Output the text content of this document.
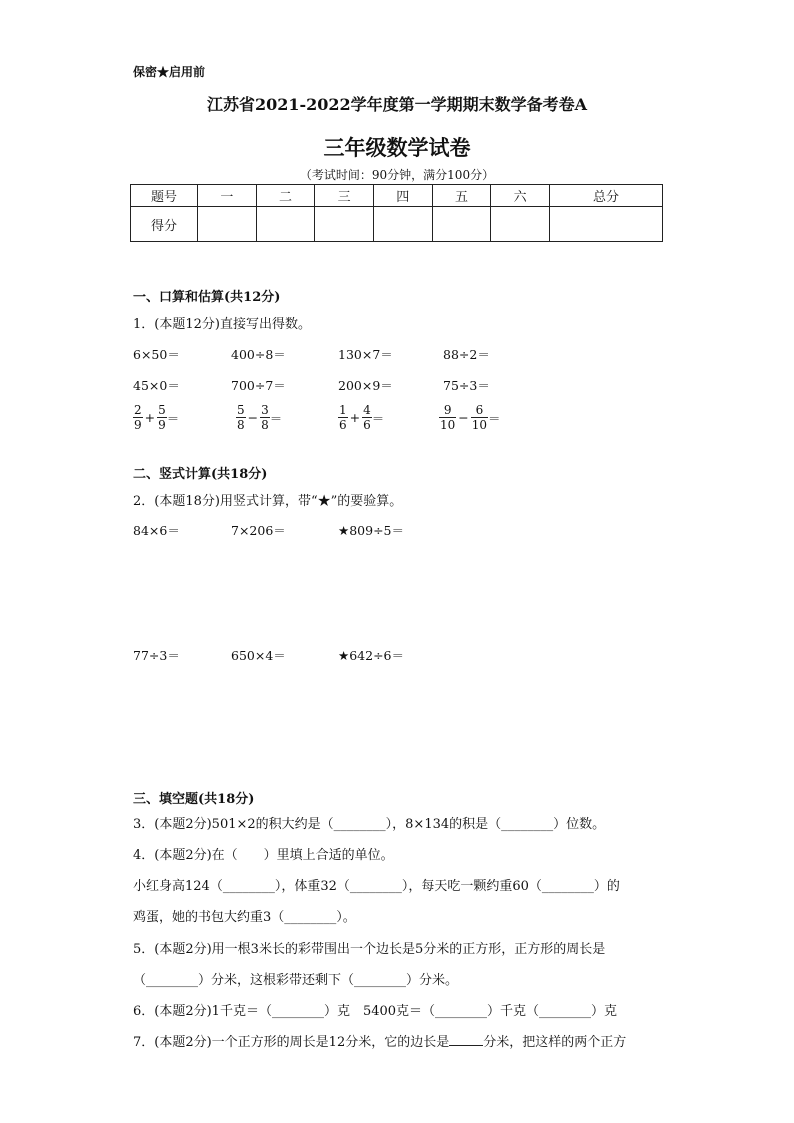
保密★启用前
江苏省2021-2022学年度第一学期期末数学备考卷A
三年级数学试卷
（考试时间：90分钟，满分100分）
题号	一	二	三	四	五	六	总分
得分							
一、口算和估算(共12分)
1．(本题12分)直接写出得数。
6×50＝	400÷8＝	130×7＝	88÷2＝
45×0＝	700÷7＝	200×9＝	75÷3＝
$\frac{2}{9} + \frac{5}{9}$ ＝	$\frac{5}{8} - \frac{3}{8}$ ＝	$\frac{1}{6} + \frac{4}{6}$ ＝	$\frac{9}{10} - \frac{6}{10}$ ＝
二、竖式计算(共18分)
2．(本题18分)用竖式计算，带“★”的要验算。
84×6＝	7×206＝	★809÷5＝
77÷3＝	650×4＝	★642÷6＝
三、填空题(共18分)
3．(本题2分)501×2的积大约是（________），8×134的积是（________）位数。
4．(本题2分)在（　　）里填上合适的单位。
小红身高124（________），体重32（________），每天吃一颗约重60（________）的
鸡蛋，她的书包大约重3（________）。
5．(本题2分)用一根3米长的彩带围出一个边长是5分米的正方形，正方形的周长是
（________）分米，这根彩带还剩下（________）分米。
6．(本题2分)1千克＝（________）克　5400克＝（________）千克（________）克
7．(本题2分)一个正方形的周长是12分米，它的边长是	分米，把这样的两个正方
